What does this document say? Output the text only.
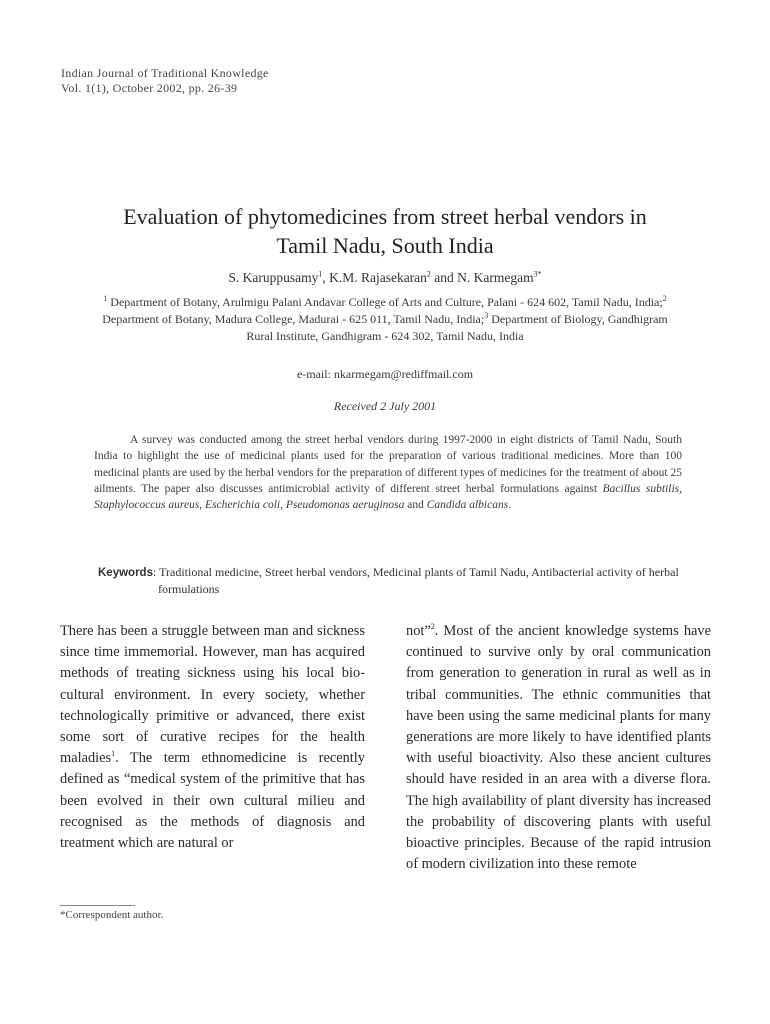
Indian Journal of Traditional Knowledge
Vol. 1(1), October 2002, pp. 26-39
Evaluation of phytomedicines from street herbal vendors in
Tamil Nadu, South India
S. Karuppusamy$^1$, K.M. Rajasekaran$^2$ and N. Karmegam$^{3*}$
$^1$ Department of Botany, Arulmigu Palani Andavar College of Arts and Culture, Palani - 624 602, Tamil Nadu, India;$^2$ Department of Botany, Madura College, Madurai - 625 011, Tamil Nadu, India;$^3$ Department of Biology, Gandhigram Rural Institute, Gandhigram - 624 302, Tamil Nadu, India
e-mail: nkarmegam@rediffmail.com
Received 2 July 2001
A survey was conducted among the street herbal vendors during 1997-2000 in eight districts of Tamil Nadu, South India to highlight the use of medicinal plants used for the preparation of various traditional medicines. More than 100 medicinal plants are used by the herbal vendors for the preparation of different types of medicines for the treatment of about 25 ailments. The paper also discusses antimicrobial activity of different street herbal formulations against Bacillus subtilis, Staphylococcus aureus, Escherichia coli, Pseudomonas aeruginosa and Candida albicans.
Keywords: Traditional medicine, Street herbal vendors, Medicinal plants of Tamil Nadu, Antibacterial activity of herbal formulations
There has been a struggle between man and sickness since time immemorial. However, man has acquired methods of treating sickness using his local bio-cultural environment. In every society, whether technologically primitive or advanced, there exist some sort of curative recipes for the health maladies$^1$. The term ethnomedicine is recently defined as “medical system of the primitive that has been evolved in their own cultural milieu and recognised as the methods of diagnosis and treatment which are natural or
not”$^2$. Most of the ancient knowledge systems have continued to survive only by oral communication from generation to generation in rural as well as in tribal communities. The ethnic communities that have been using the same medicinal plants for many generations are more likely to have identified plants with useful bioactivity. Also these ancient cultures should have resided in an area with a diverse flora. The high availability of plant diversity has increased the probability of discovering plants with useful bioactive principles. Because of the rapid intrusion of modern civilization into these remote
*Correspondent author.
